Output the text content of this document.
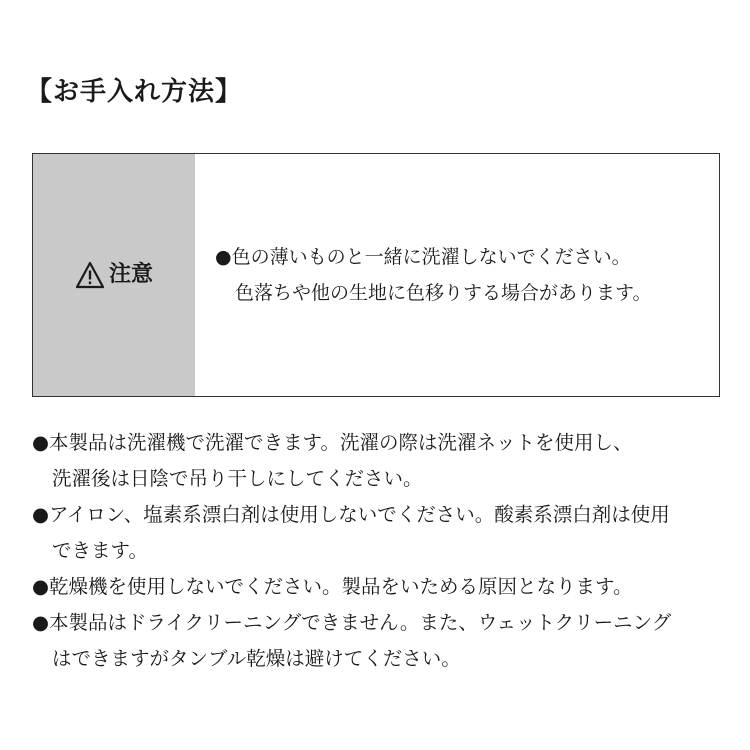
【お手入れ方法】
注意
●色の薄いものと一緒に洗濯しないでください。
色落ちや他の生地に色移りする場合があります。
●本製品は洗濯機で洗濯できます。洗濯の際は洗濯ネットを使用し、
洗濯後は日陰で吊り干しにしてください。
●アイロン、塩素系漂白剤は使用しないでください。酸素系漂白剤は使用
できます。
●乾燥機を使用しないでください。製品をいためる原因となります。
●本製品はドライクリーニングできません。また、ウェットクリーニング
はできますがタンブル乾燥は避けてください。
